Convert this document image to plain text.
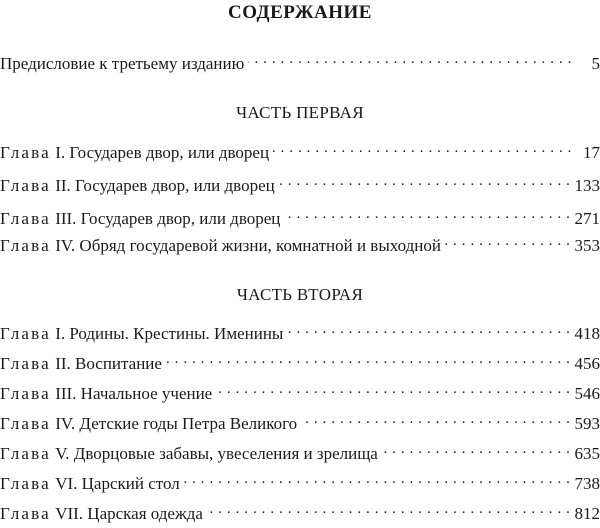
СОДЕРЖАНИЕ
Предисловие к третьему изданию . . .	5
ЧАСТЬ ПЕРВАЯ
Глава I. Государев двор, или дворец . . .	17
Глава II. Государев двор, или дворец . . .	133
Глава III. Государев двор, или дворец . . .	271
Глава IV. Обряд государевой жизни, комнатной и выходной . . .	353
ЧАСТЬ ВТОРАЯ
Глава I. Родины. Крестины. Именины . . .	418
Глава II. Воспитание . . .	456
Глава III. Начальное учение . . .	546
Глава IV. Детские годы Петра Великого . . .	593
Глава V. Дворцовые забавы, увеселения и зрелища . . .	635
Глава VI. Царский стол . . .	738
Глава VII. Царская одежда . . .	812
